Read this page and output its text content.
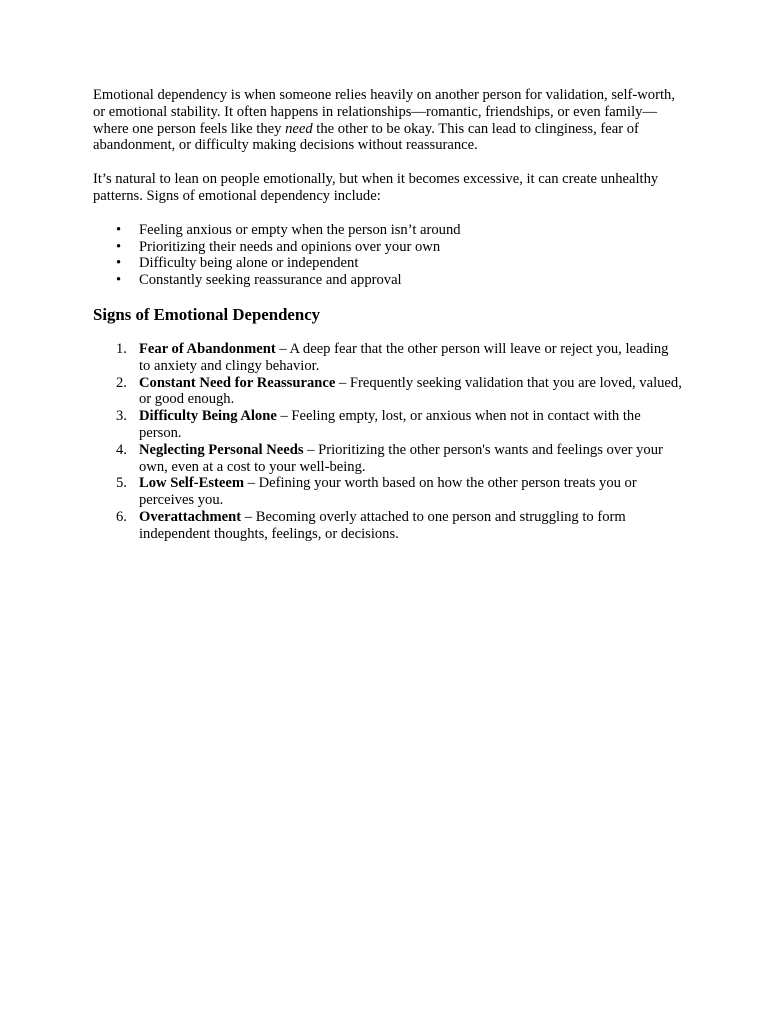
Emotional dependency is when someone relies heavily on another person for validation, self-worth, or emotional stability. It often happens in relationships—romantic, friendships, or even family—where one person feels like they need the other to be okay. This can lead to clinginess, fear of abandonment, or difficulty making decisions without reassurance.

It’s natural to lean on people emotionally, but when it becomes excessive, it can create unhealthy patterns. Signs of emotional dependency include:

• Feeling anxious or empty when the person isn’t around
• Prioritizing their needs and opinions over your own
• Difficulty being alone or independent
• Constantly seeking reassurance and approval
Signs of Emotional Dependency
1. Fear of Abandonment – A deep fear that the other person will leave or reject you, leading to anxiety and clingy behavior.
2. Constant Need for Reassurance – Frequently seeking validation that you are loved, valued, or good enough.
3. Difficulty Being Alone – Feeling empty, lost, or anxious when not in contact with the person.
4. Neglecting Personal Needs – Prioritizing the other person's wants and feelings over your own, even at a cost to your well-being.
5. Low Self-Esteem – Defining your worth based on how the other person treats you or perceives you.
6. Overattachment – Becoming overly attached to one person and struggling to form independent thoughts, feelings, or decisions.
